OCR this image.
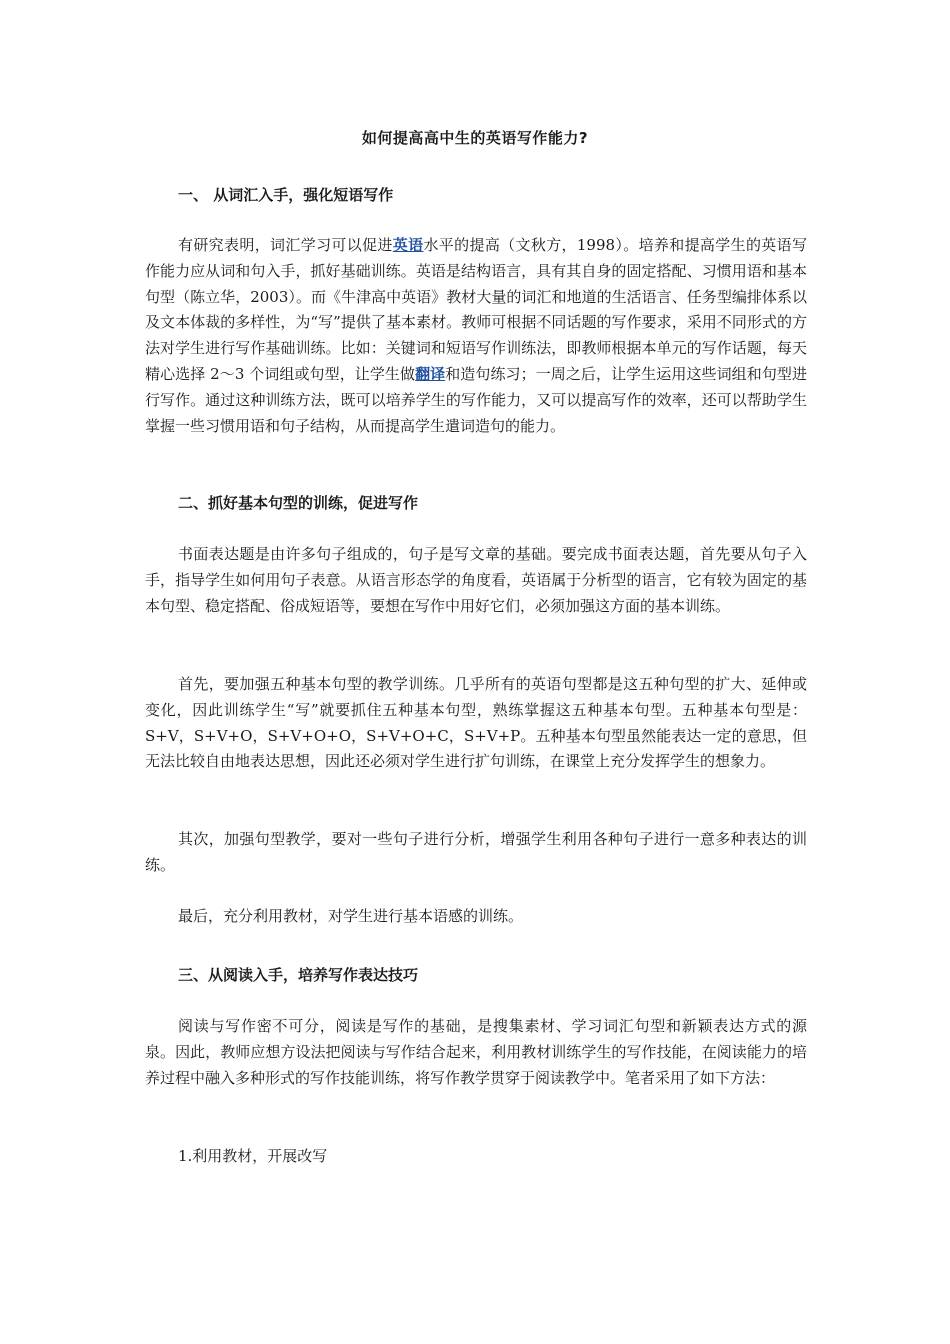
如何提高高中生的英语写作能力?
一、 从词汇入手，强化短语写作

有研究表明，词汇学习可以促进英语水平的提高（文秋方，1998）。培养和提高学生的英语写作能力应从词和句入手，抓好基础训练。英语是结构语言，具有其自身的固定搭配、习惯用语和基本句型（陈立华，2003）。而《牛津高中英语》教材大量的词汇和地道的生活语言、任务型编排体系以及文本体裁的多样性，为“写”提供了基本素材。教师可根据不同话题的写作要求，采用不同形式的方法对学生进行写作基础训练。比如：关键词和短语写作训练法，即教师根据本单元的写作话题，每天精心选择 2～3 个词组或句型，让学生做翻译和造句练习；一周之后，让学生运用这些词组和句型进行写作。通过这种训练方法，既可以培养学生的写作能力，又可以提高写作的效率，还可以帮助学生掌握一些习惯用语和句子结构，从而提高学生遣词造句的能力。

二、抓好基本句型的训练，促进写作

书面表达题是由许多句子组成的，句子是写文章的基础。要完成书面表达题，首先要从句子入手，指导学生如何用句子表意。从语言形态学的角度看，英语属于分析型的语言，它有较为固定的基本句型、稳定搭配、俗成短语等，要想在写作中用好它们，必须加强这方面的基本训练。

首先，要加强五种基本句型的教学训练。几乎所有的英语句型都是这五种句型的扩大、延伸或变化，因此训练学生“写”就要抓住五种基本句型，熟练掌握这五种基本句型。五种基本句型是：S+V，S+V+O，S+V+O+O，S+V+O+C，S+V+P。五种基本句型虽然能表达一定的意思，但无法比较自由地表达思想，因此还必须对学生进行扩句训练，在课堂上充分发挥学生的想象力。

其次，加强句型教学，要对一些句子进行分析，增强学生利用各种句子进行一意多种表达的训练。

最后，充分利用教材，对学生进行基本语感的训练。

三、从阅读入手，培养写作表达技巧

阅读与写作密不可分，阅读是写作的基础，是搜集素材、学习词汇句型和新颖表达方式的源泉。因此，教师应想方设法把阅读与写作结合起来，利用教材训练学生的写作技能，在阅读能力的培养过程中融入多种形式的写作技能训练，将写作教学贯穿于阅读教学中。笔者采用了如下方法：

1.利用教材，开展改写
